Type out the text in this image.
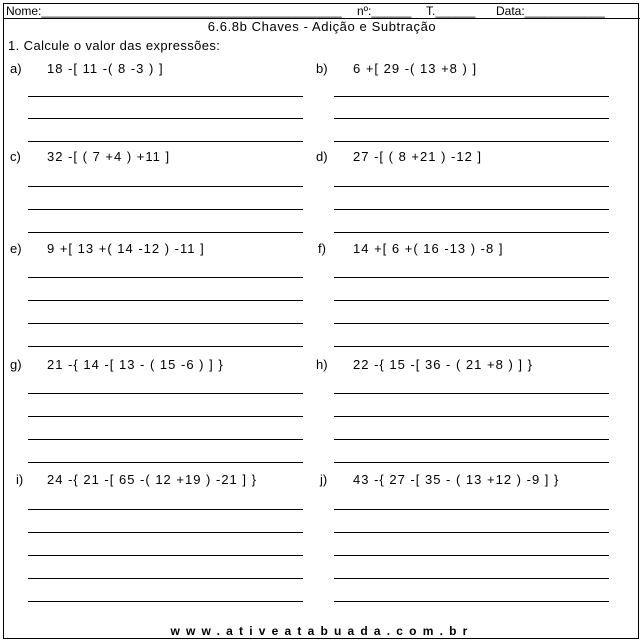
Nome:_____________________________________________ nº:______ T.______ Data:____________
6.6.8b Chaves - Adição e Subtração
1. Calcule o valor das expressões:
a) 18 -[ 11 -( 8 -3 ) ]	b) 6 +[ 29 -( 13 +8 ) ]
c) 32 -[ ( 7 +4 ) +11 ]	d) 27 -[ ( 8 +21 ) -12 ]
e) 9 +[ 13 +( 14 -12 ) -11 ]	f) 14 +[ 6 +( 16 -13 ) -8 ]
g) 21 -{ 14 -[ 13 - ( 15 -6 ) ] }	h) 22 -{ 15 -[ 36 - ( 21 +8 ) ] }
i) 24 -{ 21 -[ 65 -( 12 +19 ) -21 ] }	j) 43 -{ 27 -[ 35 - ( 13 +12 ) -9 ] }
www.ativeatabuada.com.br
